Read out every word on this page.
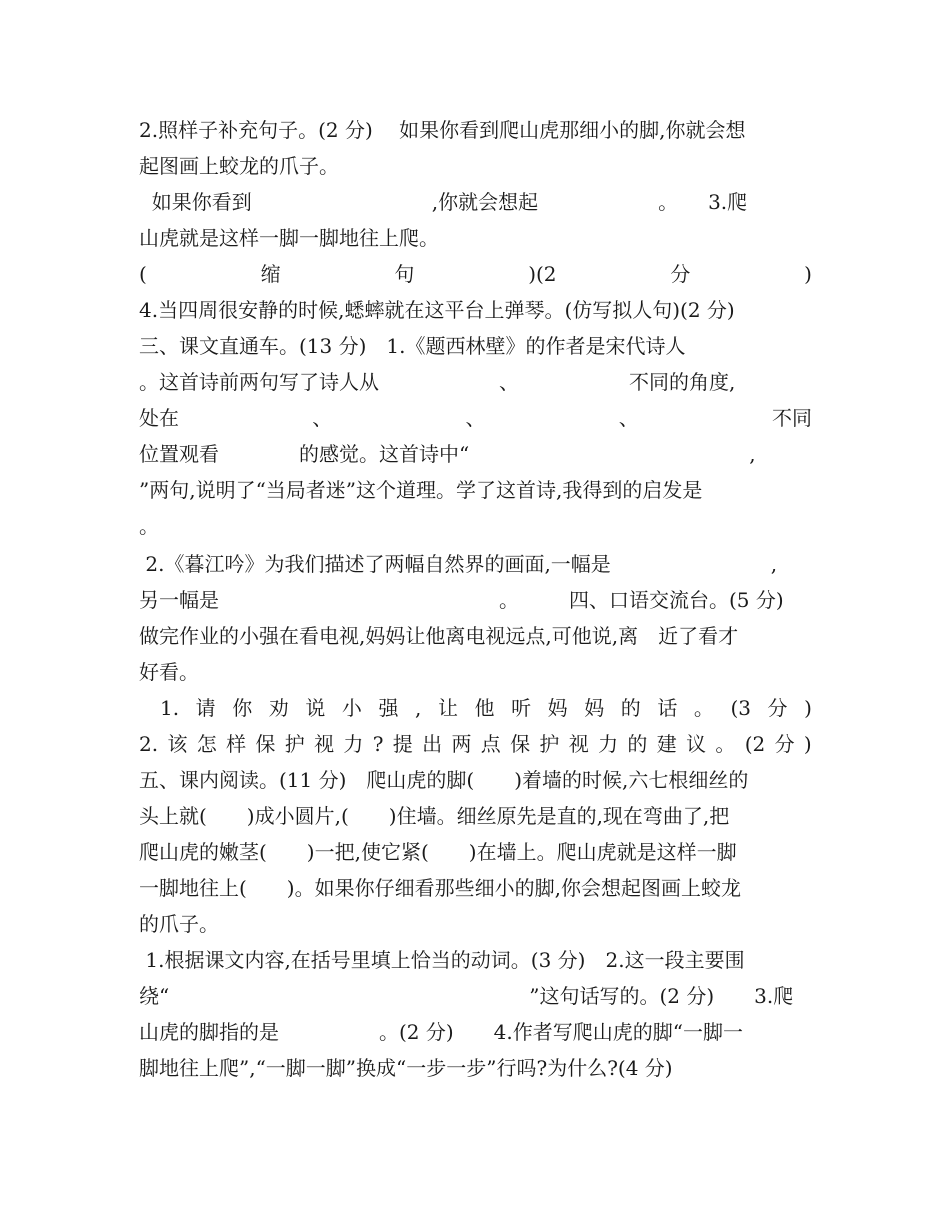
2.照样子补充句子。(2 分)　 如果你看到爬山虎那细小的脚,你就会想
起图画上蛟龙的爪子。
如果你看到　　　　　　　　　,你就会想起　　　　　　。　　3.爬
山虎就是这样一脚一脚地往上爬。
(	缩	句	)(2	分	)
4.当四周很安静的时候,蟋蟀就在这平台上弹琴。(仿写拟人句)(2 分)
三、课文直通车。(13 分)　1.《题西林壁》的作者是宋代诗人
。这首诗前两句写了诗人从　　　　　　、　　　　　　不同的角度,
处在	、	、	、	不同
位置观看　　　　的感觉。这首诗中“　　　　　　　　　　　　　　,
”两句,说明了“当局者迷”这个道理。学了这首诗,我得到的启发是
。
2.《暮江吟》为我们描述了两幅自然界的画面,一幅是　　　　　　　　,
另一幅是　　　　　　　　　　　　　　。　　　四、口语交流台。(5 分)
做完作业的小强在看电视,妈妈让他离电视远点,可他说,离　近了看才
好看。
1. 请 你 劝 说 小 强 , 让 他 听 妈 妈 的 话 。 (3 分 )
2. 该 怎 样 保 护 视 力 ? 提 出 两 点 保 护 视 力 的 建 议 。 (2 分 )
五、课内阅读。(11 分)　爬山虎的脚(　　)着墙的时候,六七根细丝的
头上就(　　)成小圆片,(　　)住墙。细丝原先是直的,现在弯曲了,把
爬山虎的嫩茎(　　)一把,使它紧(　　)在墙上。爬山虎就是这样一脚
一脚地往上(　　)。如果你仔细看那些细小的脚,你会想起图画上蛟龙
的爪子。
1.根据课文内容,在括号里填上恰当的动词。(3 分)　2.这一段主要围
绕“　　　　　　　　　　　　　　　　　　”这句话写的。(2 分)　　3.爬
山虎的脚指的是　　　　　。(2 分)　　4.作者写爬山虎的脚“一脚一
脚地往上爬”,“一脚一脚”换成“一步一步”行吗?为什么?(4 分)
